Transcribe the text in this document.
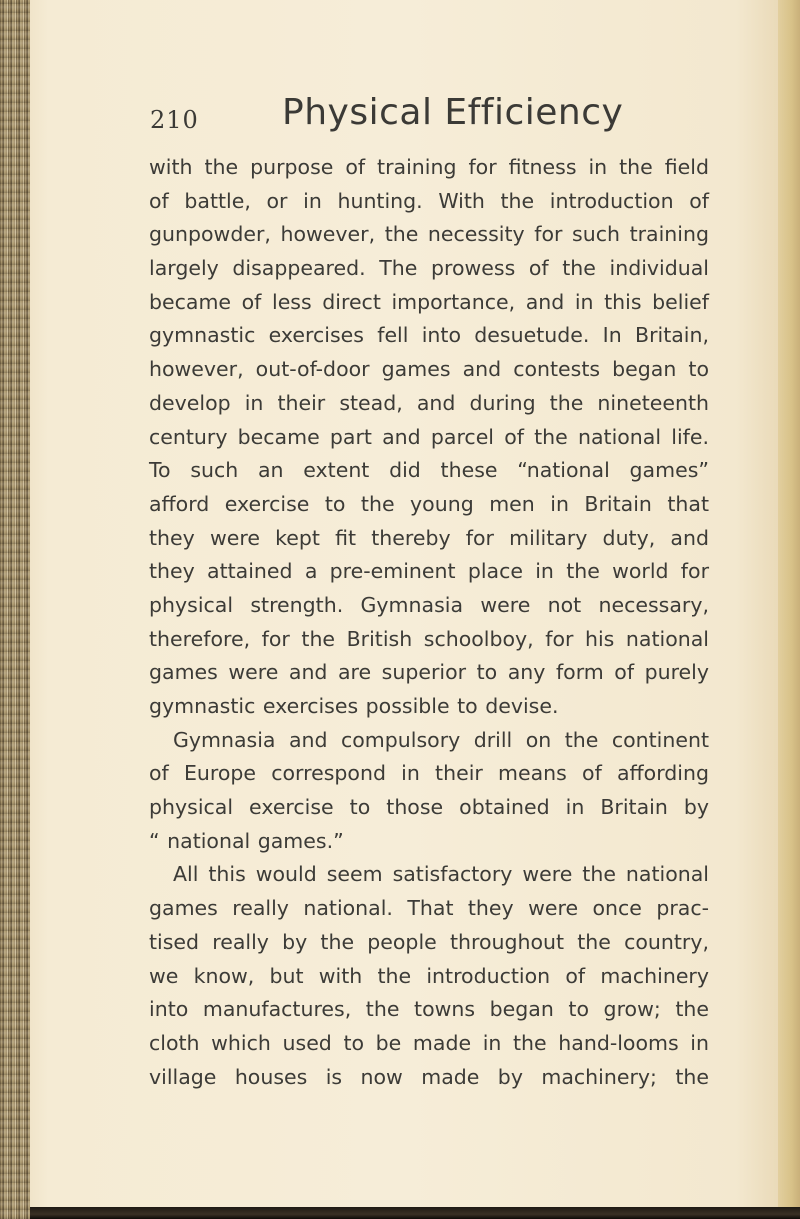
210 Physical Efficiency
with the purpose of training for fitness in the field
of battle, or in hunting. With the introduction of
gunpowder, however, the necessity for such training
largely disappeared. The prowess of the individual
became of less direct importance, and in this belief
gymnastic exercises fell into desuetude. In Britain,
however, out-of-door games and contests began to
develop in their stead, and during the nineteenth
century became part and parcel of the national life.
To such an extent did these “national games”
afford exercise to the young men in Britain that
they were kept fit thereby for military duty, and
they attained a pre-eminent place in the world for
physical strength. Gymnasia were not necessary,
therefore, for the British schoolboy, for his national
games were and are superior to any form of purely
gymnastic exercises possible to devise.
Gymnasia and compulsory drill on the continent
of Europe correspond in their means of affording
physical exercise to those obtained in Britain by
“ national games.”
All this would seem satisfactory were the national
games really national. That they were once prac-
tised really by the people throughout the country,
we know, but with the introduction of machinery
into manufactures, the towns began to grow; the
cloth which used to be made in the hand-looms in
village houses is now made by machinery; the
